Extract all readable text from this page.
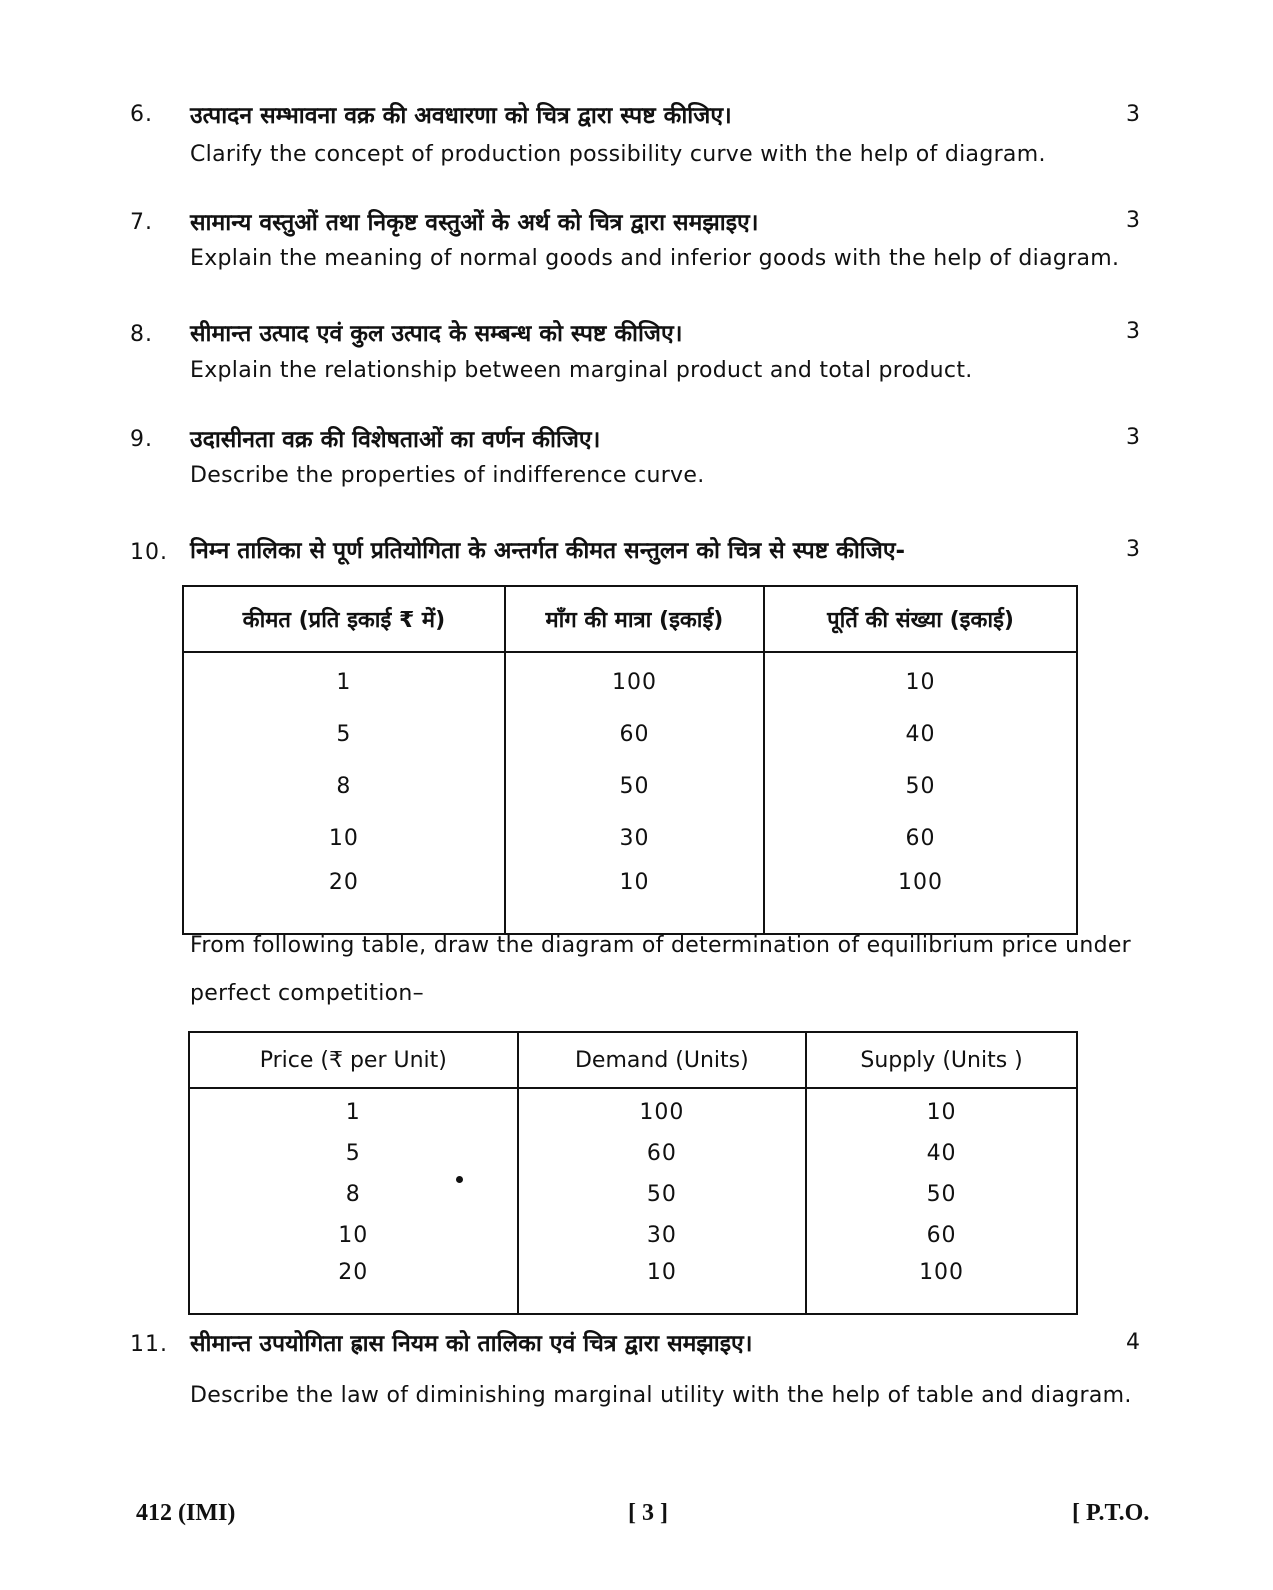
6. उत्पादन सम्भावना वक्र की अवधारणा को चित्र द्वारा स्पष्ट कीजिए।	3
Clarify the concept of production possibility curve with the help of diagram.
7. सामान्य वस्तुओं तथा निकृष्ट वस्तुओं के अर्थ को चित्र द्वारा समझाइए।	3
Explain the meaning of normal goods and inferior goods with the help of diagram.
8. सीमान्त उत्पाद एवं कुल उत्पाद के सम्बन्ध को स्पष्ट कीजिए।	3
Explain the relationship between marginal product and total product.
9. उदासीनता वक्र की विशेषताओं का वर्णन कीजिए।	3
Describe the properties of indifference curve.
10. निम्न तालिका से पूर्ण प्रतियोगिता के अन्तर्गत कीमत सन्तुलन को चित्र से स्पष्ट कीजिए-	3
कीमत (प्रति इकाई ₹ में)	माँग की मात्रा (इकाई)	पूर्ति की संख्या (इकाई)
1	100	10
5	60	40
8	50	50
10	30	60
20	10	100
From following table, draw the diagram of determination of equilibrium price under perfect competition–
Price (₹ per Unit)	Demand (Units)	Supply (Units )
1	100	10
5	60	40
8	50	50
10	30	60
20	10	100
11. सीमान्त उपयोगिता ह्रास नियम को तालिका एवं चित्र द्वारा समझाइए।	4
Describe the law of diminishing marginal utility with the help of table and diagram.
412 (IMI)	[ 3 ]	[ P.T.O.
